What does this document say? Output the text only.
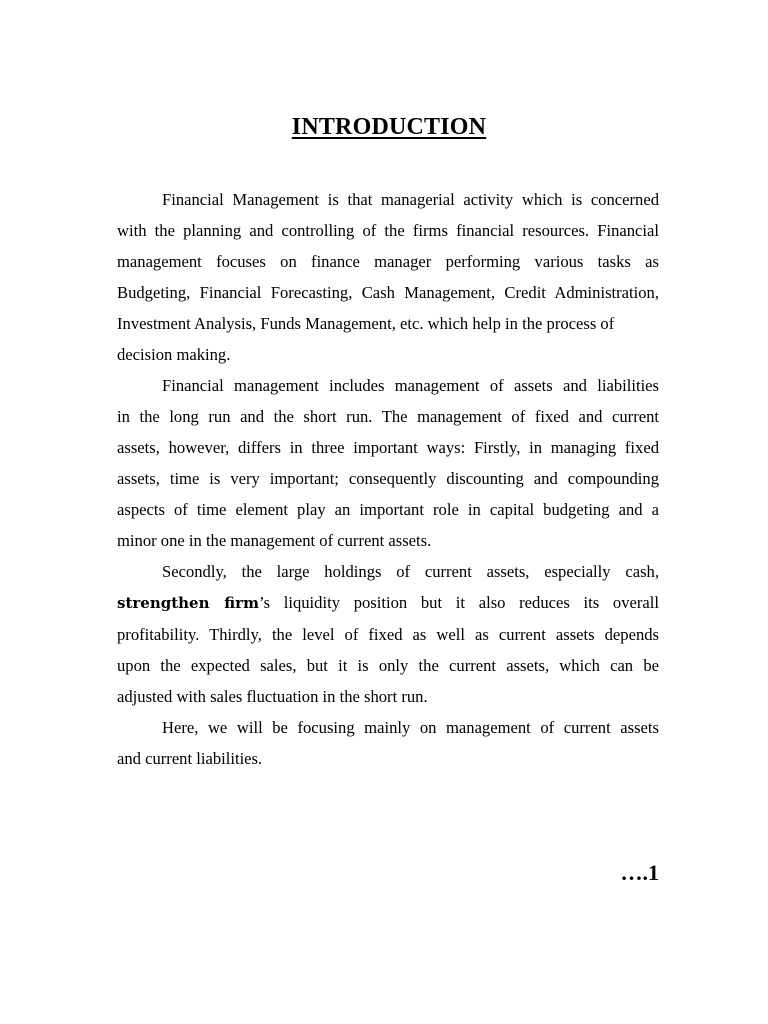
INTRODUCTION
Financial Management is that managerial activity which is concerned
with the planning and controlling of the firms financial resources. Financial
management focuses on finance manager performing various tasks as
Budgeting, Financial Forecasting, Cash Management, Credit Administration,
Investment Analysis, Funds Management, etc. which help in the process of
decision making.
Financial management includes management of assets and liabilities
in the long run and the short run. The management of fixed and current
assets, however, differs in three important ways: Firstly, in managing fixed
assets, time is very important; consequently discounting and compounding
aspects of time element play an important role in capital budgeting and a
minor one in the management of current assets.
Secondly, the large holdings of current assets, especially cash,
strengthen firm’s liquidity position but it also reduces its overall
profitability. Thirdly, the level of fixed as well as current assets depends
upon the expected sales, but it is only the current assets, which can be
adjusted with sales fluctuation in the short run.
Here, we will be focusing mainly on management of current assets
and current liabilities.
….1
